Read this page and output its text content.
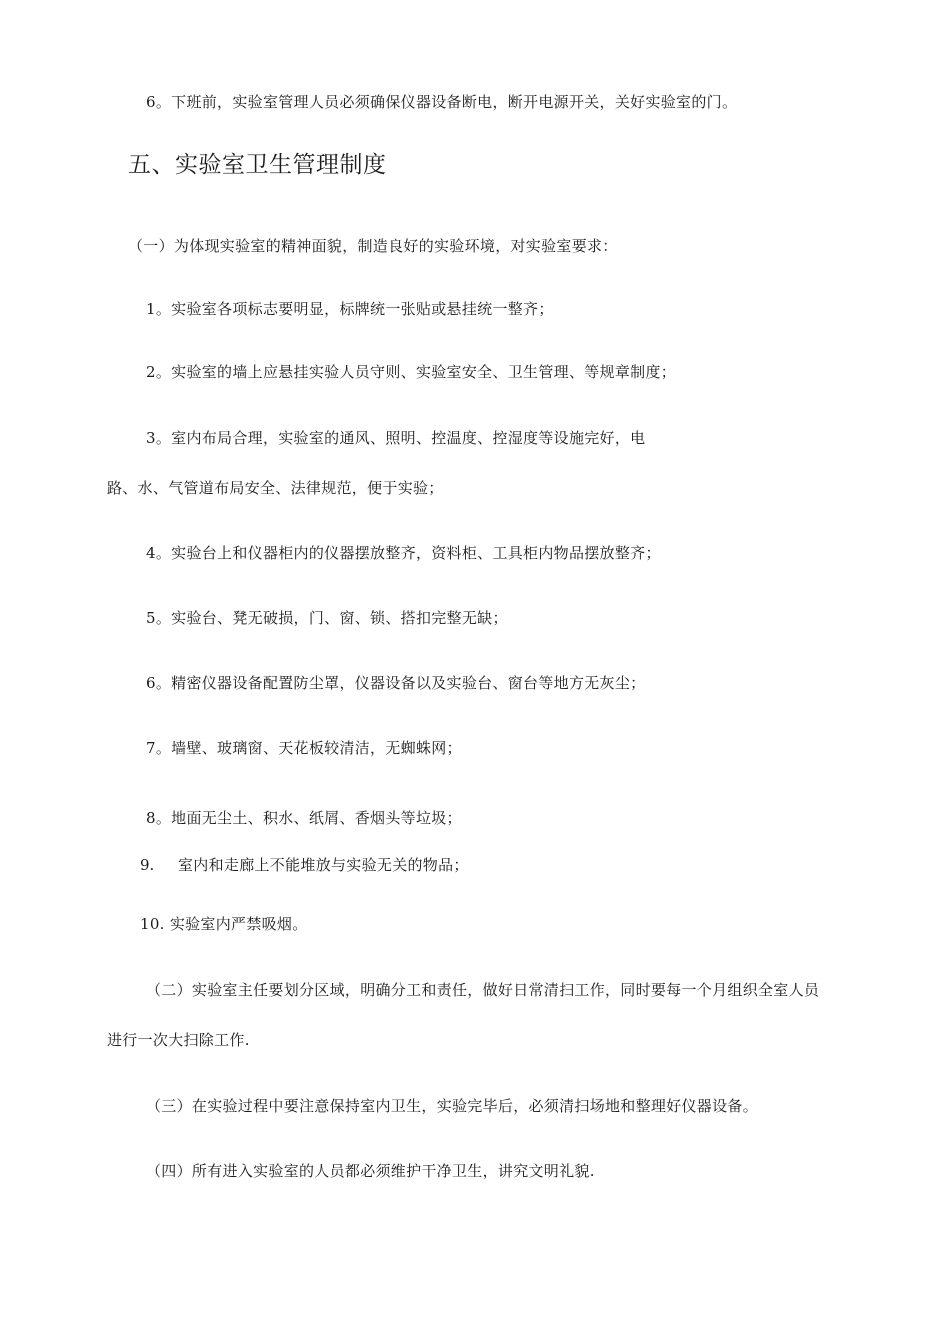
6。下班前，实验室管理人员必须确保仪器设备断电，断开电源开关，关好实验室的门。
五、实验室卫生管理制度
（一）为体现实验室的精神面貌，制造良好的实验环境，对实验室要求：
1。实验室各项标志要明显，标牌统一张贴或悬挂统一整齐；
2。实验室的墙上应悬挂实验人员守则、实验室安全、卫生管理、等规章制度；
3。室内布局合理，实验室的通风、照明、控温度、控湿度等设施完好，电
路、水、气管道布局安全、法律规范，便于实验；
4。实验台上和仪器柜内的仪器摆放整齐，资料柜、工具柜内物品摆放整齐；
5。实验台、凳无破损，门、窗、锁、搭扣完整无缺；
6。精密仪器设备配置防尘罩，仪器设备以及实验台、窗台等地方无灰尘；
7。墙壁、玻璃窗、天花板较清洁，无蜘蛛网；
8。地面无尘土、积水、纸屑、香烟头等垃圾；
9. 室内和走廊上不能堆放与实验无关的物品；
10. 实验室内严禁吸烟。
（二）实验室主任要划分区域，明确分工和责任，做好日常清扫工作，同时要每一个月组织全室人员
进行一次大扫除工作.
（三）在实验过程中要注意保持室内卫生，实验完毕后，必须清扫场地和整理好仪器设备。
（四）所有进入实验室的人员都必须维护干净卫生，讲究文明礼貌.
